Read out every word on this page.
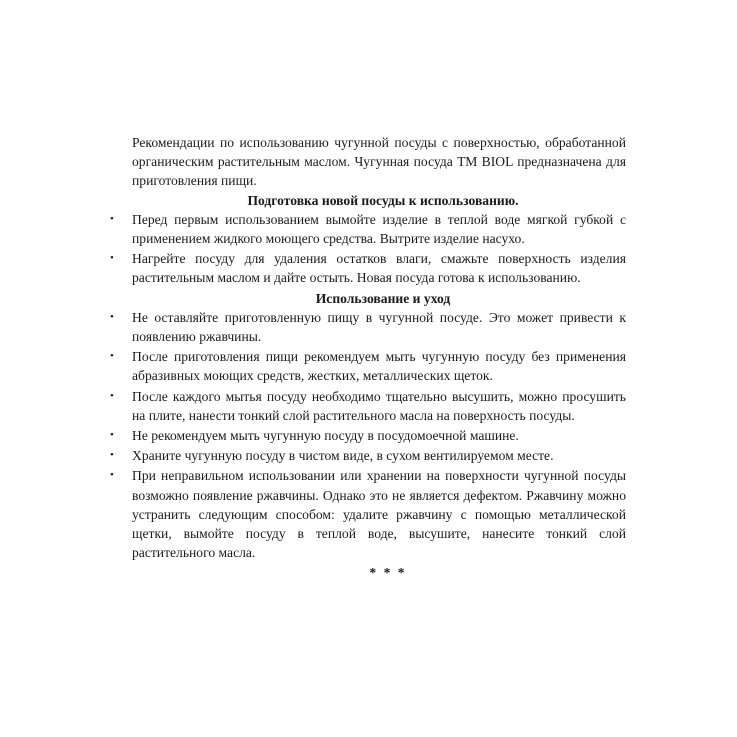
Рекомендации по использованию чугунной посуды с поверхностью, обработанной органическим растительным маслом. Чугунная посуда ТМ BIOL предназначена для приготовления пищи.

Подготовка новой посуды к использованию.

• Перед первым использованием вымойте изделие в теплой воде мягкой губкой с применением жидкого моющего средства. Вытрите изделие насухо.
• Нагрейте посуду для удаления остатков влаги, смажьте поверхность изделия растительным маслом и дайте остыть. Новая посуда готова к использованию.

Использование и уход

• Не оставляйте приготовленную пищу в чугунной посуде. Это может привести к появлению ржавчины.
• После приготовления пищи рекомендуем мыть чугунную посуду без применения абразивных моющих средств, жестких, металлических щеток.
• После каждого мытья посуду необходимо тщательно высушить, можно просушить на плите, нанести тонкий слой растительного масла на поверхность посуды.
• Не рекомендуем мыть чугунную посуду в посудомоечной машине.
• Храните чугунную посуду в чистом виде, в сухом вентилируемом месте.
• При неправильном использовании или хранении на поверхности чугунной посуды возможно появление ржавчины. Однако это не является дефектом. Ржавчину можно устранить следующим способом: удалите ржавчину с помощью металлической щетки, вымойте посуду в теплой воде, высушите, нанесите тонкий слой растительного масла.
* * *
